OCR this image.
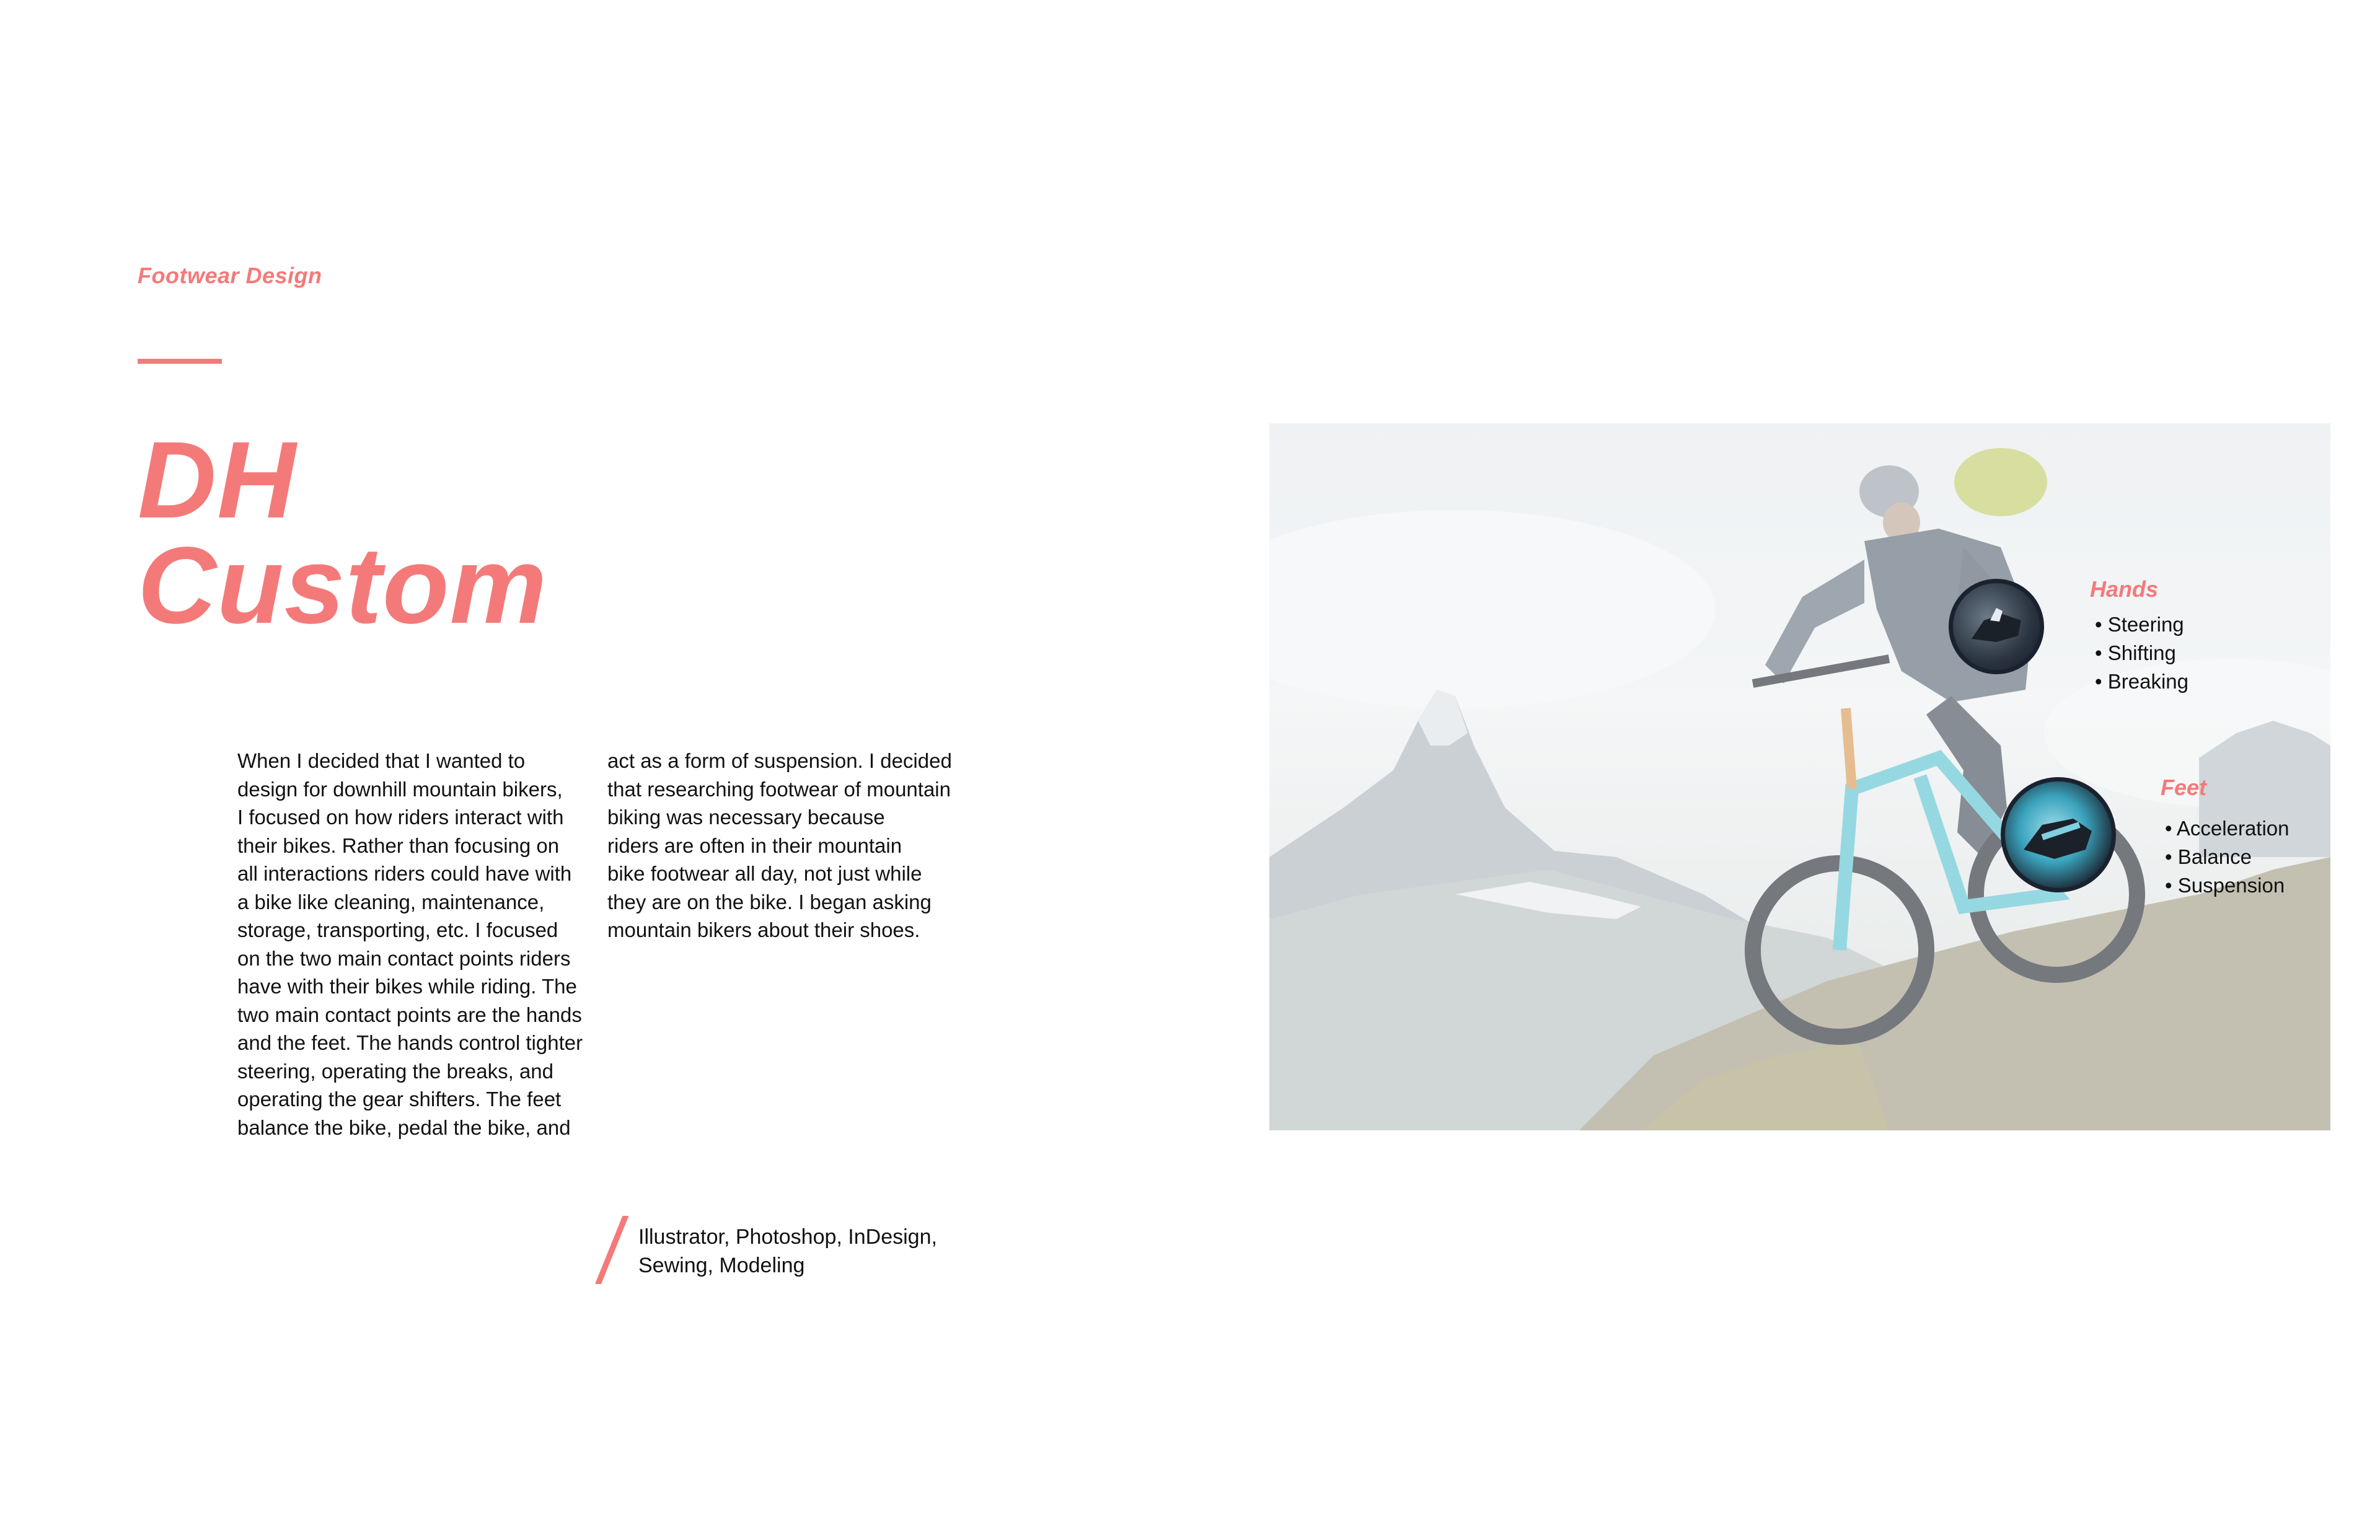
Footwear Design
DH
Custom
When I decided that I wanted to
design for downhill mountain bikers,
I focused on how riders interact with
their bikes. Rather than focusing on
all interactions riders could have with
a bike like cleaning, maintenance,
storage, transporting, etc. I focused
on the two main contact points riders
have with their bikes while riding. The
two main contact points are the hands
and the feet. The hands control tighter
steering, operating the breaks, and
operating the gear shifters. The feet
balance the bike, pedal the bike, and
act as a form of suspension. I decided
that researching footwear of mountain
biking was necessary because
riders are often in their mountain
bike footwear all day, not just while
they are on the bike. I began asking
mountain bikers about their shoes.
Illustrator, Photoshop, InDesign,
Sewing, Modeling
Hands
• Steering
• Shifting
• Breaking
Feet
• Acceleration
• Balance
• Suspension
